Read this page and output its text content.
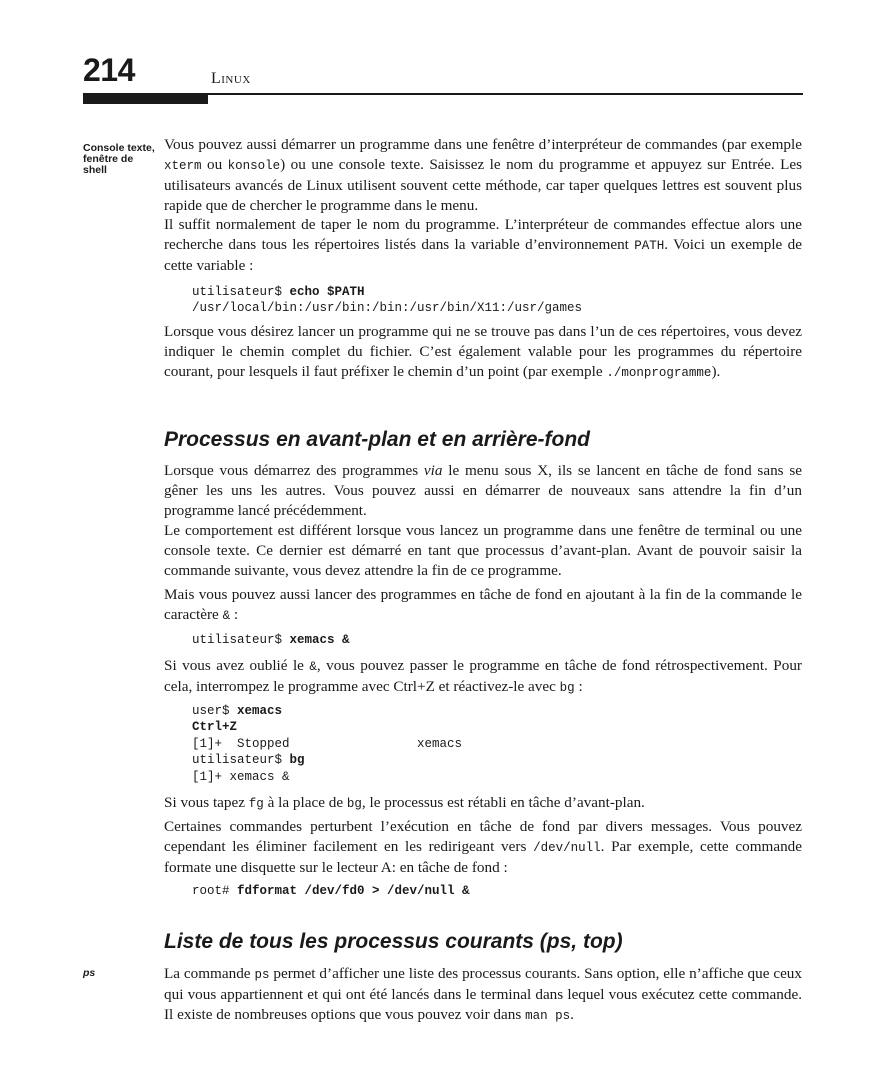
214	Linux
Console texte, fenêtre de shell
ps
Vous pouvez aussi démarrer un programme dans une fenêtre d’interpréteur de commandes (par exemple xterm ou konsole) ou une console texte. Saisissez le nom du programme et appuyez sur Entrée. Les utilisateurs avancés de Linux utilisent souvent cette méthode, car taper quelques lettres est souvent plus rapide que de chercher le programme dans le menu.
Il suffit normalement de taper le nom du programme. L’interpréteur de commandes effectue alors une recherche dans tous les répertoires listés dans la variable d’environnement PATH. Voici un exemple de cette variable :
utilisateur$ echo $PATH
/usr/local/bin:/usr/bin:/bin:/usr/bin/X11:/usr/games
Lorsque vous désirez lancer un programme qui ne se trouve pas dans l’un de ces répertoires, vous devez indiquer le chemin complet du fichier. C’est également valable pour les programmes du répertoire courant, pour lesquels il faut préfixer le chemin d’un point (par exemple ./monprogramme).
Processus en avant-plan et en arrière-fond
Lorsque vous démarrez des programmes via le menu sous X, ils se lancent en tâche de fond sans se gêner les uns les autres. Vous pouvez aussi en démarrer de nouveaux sans attendre la fin d’un programme lancé précédemment.
Le comportement est différent lorsque vous lancez un programme dans une fenêtre de terminal ou une console texte. Ce dernier est démarré en tant que processus d’avant-plan. Avant de pouvoir saisir la commande suivante, vous devez attendre la fin de ce programme.
Mais vous pouvez aussi lancer des programmes en tâche de fond en ajoutant à la fin de la commande le caractère & :
utilisateur$ xemacs &
Si vous avez oublié le &, vous pouvez passer le programme en tâche de fond rétrospectivement. Pour cela, interrompez le programme avec Ctrl+Z et réactivez-le avec bg :
user$ xemacs
Ctrl+Z
[1]+  Stopped                 xemacs
utilisateur$ bg
[1]+ xemacs &
Si vous tapez fg à la place de bg, le processus est rétabli en tâche d’avant-plan.
Certaines commandes perturbent l’exécution en tâche de fond par divers messages. Vous pouvez cependant les éliminer facilement en les redirigeant vers /dev/null. Par exemple, cette commande formate une disquette sur le lecteur A: en tâche de fond :
root# fdformat /dev/fd0 > /dev/null &
Liste de tous les processus courants (ps, top)
La commande ps permet d’afficher une liste des processus courants. Sans option, elle n’affiche que ceux qui vous appartiennent et qui ont été lancés dans le terminal dans lequel vous exécutez cette commande. Il existe de nombreuses options que vous pouvez voir dans man ps.
